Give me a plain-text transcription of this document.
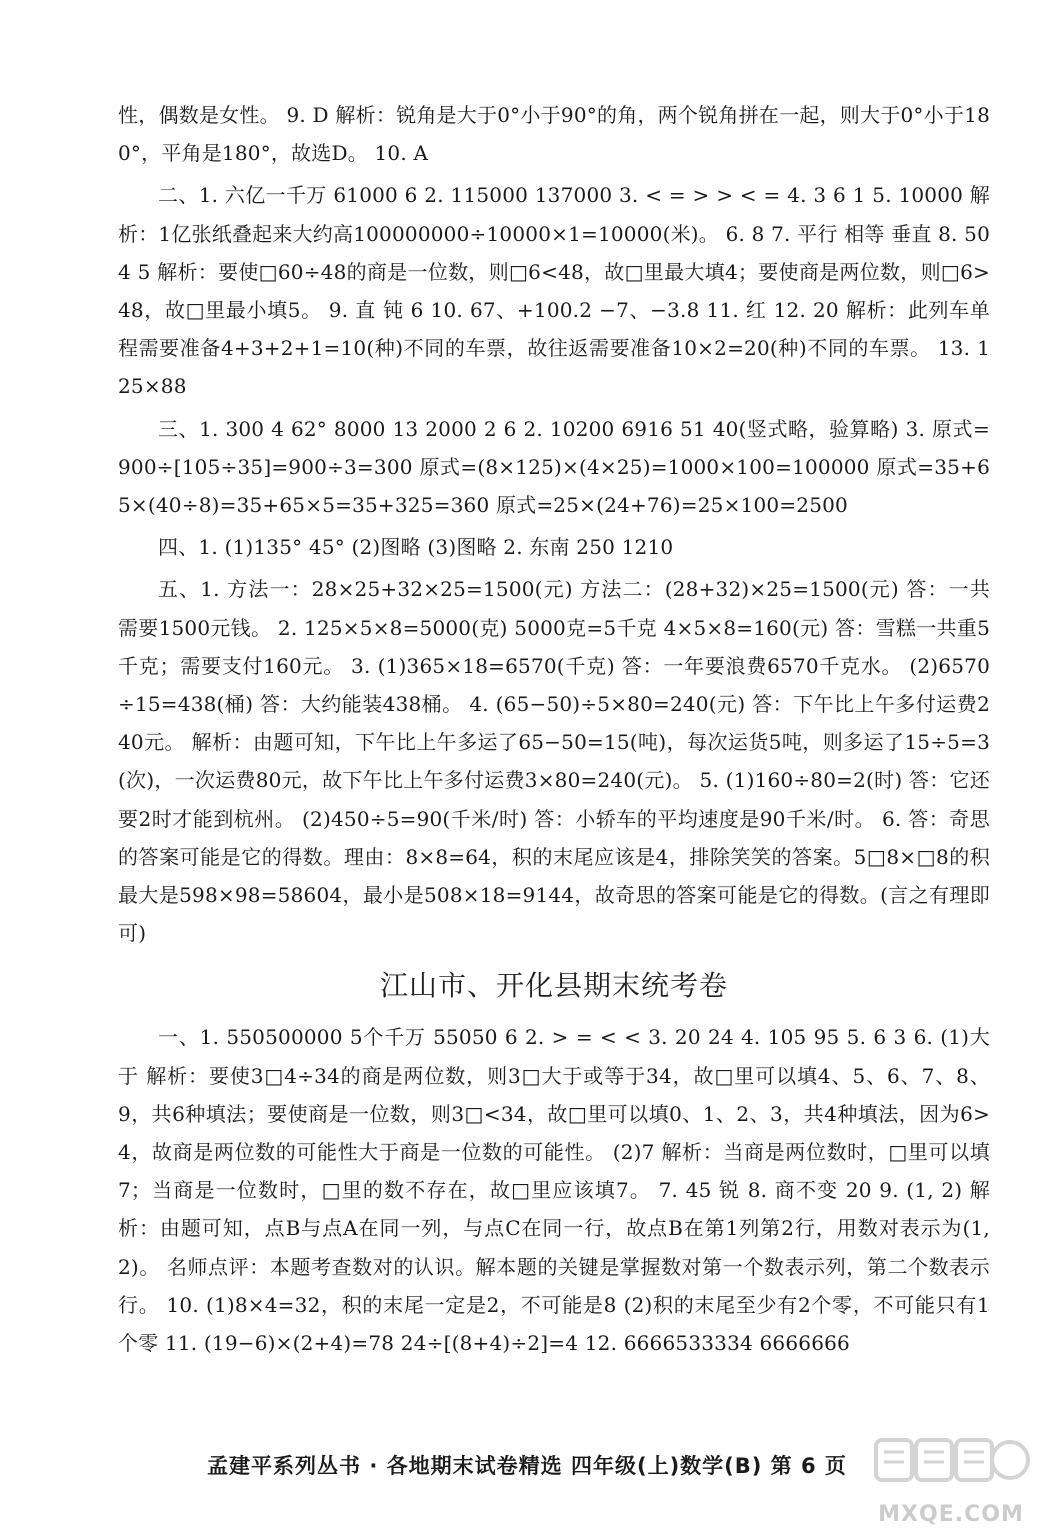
性，偶数是女性。 9. D 解析：锐角是大于0°小于90°的角，两个锐角拼在一起，则大于0°小于180°，平角是180°，故选D。 10. A

二、1. 六亿一千万 61000 6 2. 115000 137000 3. < = > > < = 4. 3 6 1 5. 10000 解析：1亿张纸叠起来大约高100000000÷10000×1=10000(米)。 6. 8 7. 平行 相等 垂直 8. 50 4 5 解析：要使□60÷48的商是一位数，则□6<48，故□里最大填4；要使商是两位数，则□6>48，故□里最小填5。 9. 直 钝 6 10. 67、+100.2 −7、−3.8 11. 红 12. 20 解析：此列车单程需要准备4+3+2+1=10(种)不同的车票，故往返需要准备10×2=20(种)不同的车票。 13. 125×88

三、1. 300 4 62° 8000 13 2000 2 6 2. 10200 6916 51 40(竖式略，验算略) 3. 原式=900÷[105÷35]=900÷3=300 原式=(8×125)×(4×25)=1000×100=100000 原式=35+65×(40÷8)=35+65×5=35+325=360 原式=25×(24+76)=25×100=2500

四、1. (1)135° 45° (2)图略 (3)图略 2. 东南 250 1210

五、1. 方法一：28×25+32×25=1500(元) 方法二：(28+32)×25=1500(元) 答：一共需要1500元钱。 2. 125×5×8=5000(克) 5000克=5千克 4×5×8=160(元) 答：雪糕一共重5千克；需要支付160元。 3. (1)365×18=6570(千克) 答：一年要浪费6570千克水。 (2)6570÷15=438(桶) 答：大约能装438桶。 4. (65−50)÷5×80=240(元) 答：下午比上午多付运费240元。 解析：由题可知，下午比上午多运了65−50=15(吨)，每次运货5吨，则多运了15÷5=3(次)，一次运费80元，故下午比上午多付运费3×80=240(元)。 5. (1)160÷80=2(时) 答：它还要2时才能到杭州。 (2)450÷5=90(千米/时) 答：小轿车的平均速度是90千米/时。 6. 答：奇思的答案可能是它的得数。理由：8×8=64，积的末尾应该是4，排除笑笑的答案。5□8×□8的积最大是598×98=58604，最小是508×18=9144，故奇思的答案可能是它的得数。(言之有理即可)

江山市、开化县期末统考卷

一、1. 550500000 5个千万 55050 6 2. > = < < 3. 20 24 4. 105 95 5. 6 3 6. (1)大于 解析：要使3□4÷34的商是两位数，则3□大于或等于34，故□里可以填4、5、6、7、8、9，共6种填法；要使商是一位数，则3□<34，故□里可以填0、1、2、3，共4种填法，因为6>4，故商是两位数的可能性大于商是一位数的可能性。 (2)7 解析：当商是两位数时，□里可以填7；当商是一位数时，□里的数不存在，故□里应该填7。 7. 45 锐 8. 商不变 20 9. (1, 2) 解析：由题可知，点B与点A在同一列，与点C在同一行，故点B在第1列第2行，用数对表示为(1, 2)。 名师点评：本题考查数对的认识。解本题的关键是掌握数对第一个数表示列，第二个数表示行。 10. (1)8×4=32，积的末尾一定是2，不可能是8 (2)积的末尾至少有2个零，不可能只有1个零 11. (19−6)×(2+4)=78 24÷[(8+4)÷2]=4 12. 6666533334 6666666

孟建平系列丛书 · 各地期末试卷精选 四年级(上)数学(B) 第 6 页
MXQE.COM
